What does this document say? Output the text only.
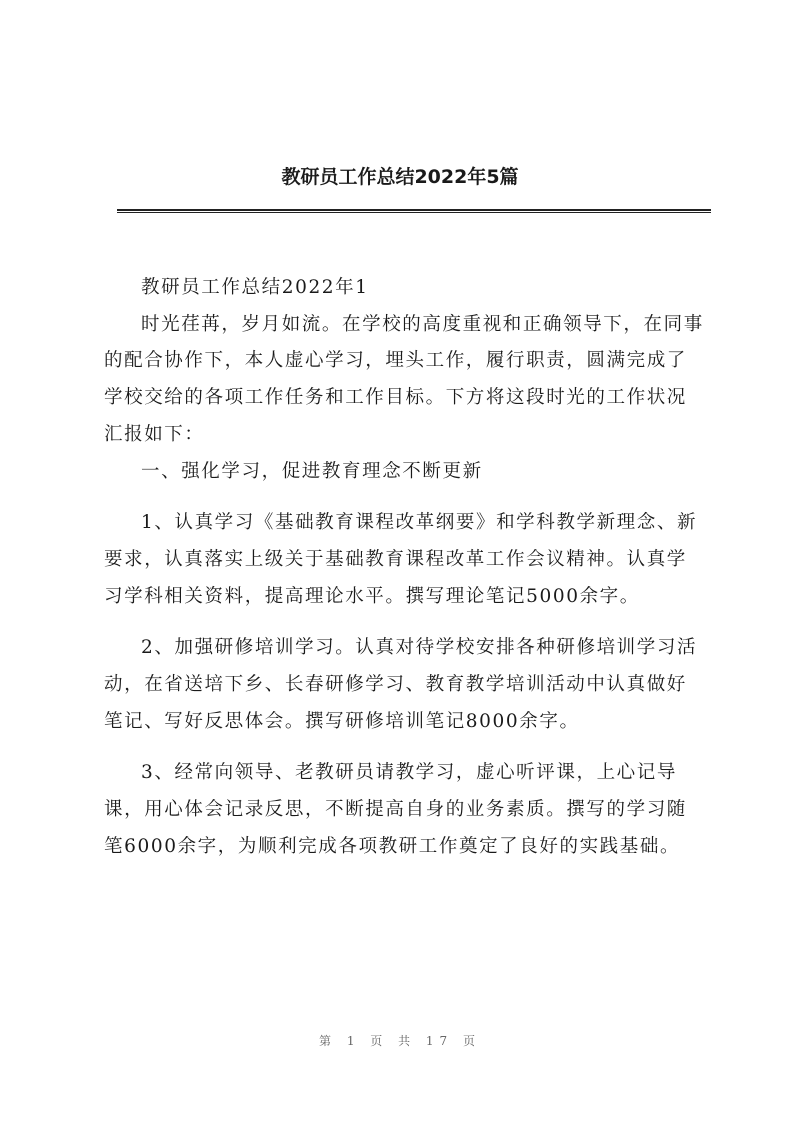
教研员工作总结2022年5篇

教研员工作总结2022年1

时光荏苒，岁月如流。在学校的高度重视和正确领导下，在同事的配合协作下，本人虚心学习，埋头工作，履行职责，圆满完成了学校交给的各项工作任务和工作目标。下方将这段时光的工作状况汇报如下：

一、强化学习，促进教育理念不断更新

1、认真学习《基础教育课程改革纲要》和学科教学新理念、新要求，认真落实上级关于基础教育课程改革工作会议精神。认真学习学科相关资料，提高理论水平。撰写理论笔记5000余字。

2、加强研修培训学习。认真对待学校安排各种研修培训学习活动，在省送培下乡、长春研修学习、教育教学培训活动中认真做好笔记、写好反思体会。撰写研修培训笔记8000余字。

3、经常向领导、老教研员请教学习，虚心听评课，上心记导课，用心体会记录反思，不断提高自身的业务素质。撰写的学习随笔6000余字，为顺利完成各项教研工作奠定了良好的实践基础。

第 1 页 共 17 页
